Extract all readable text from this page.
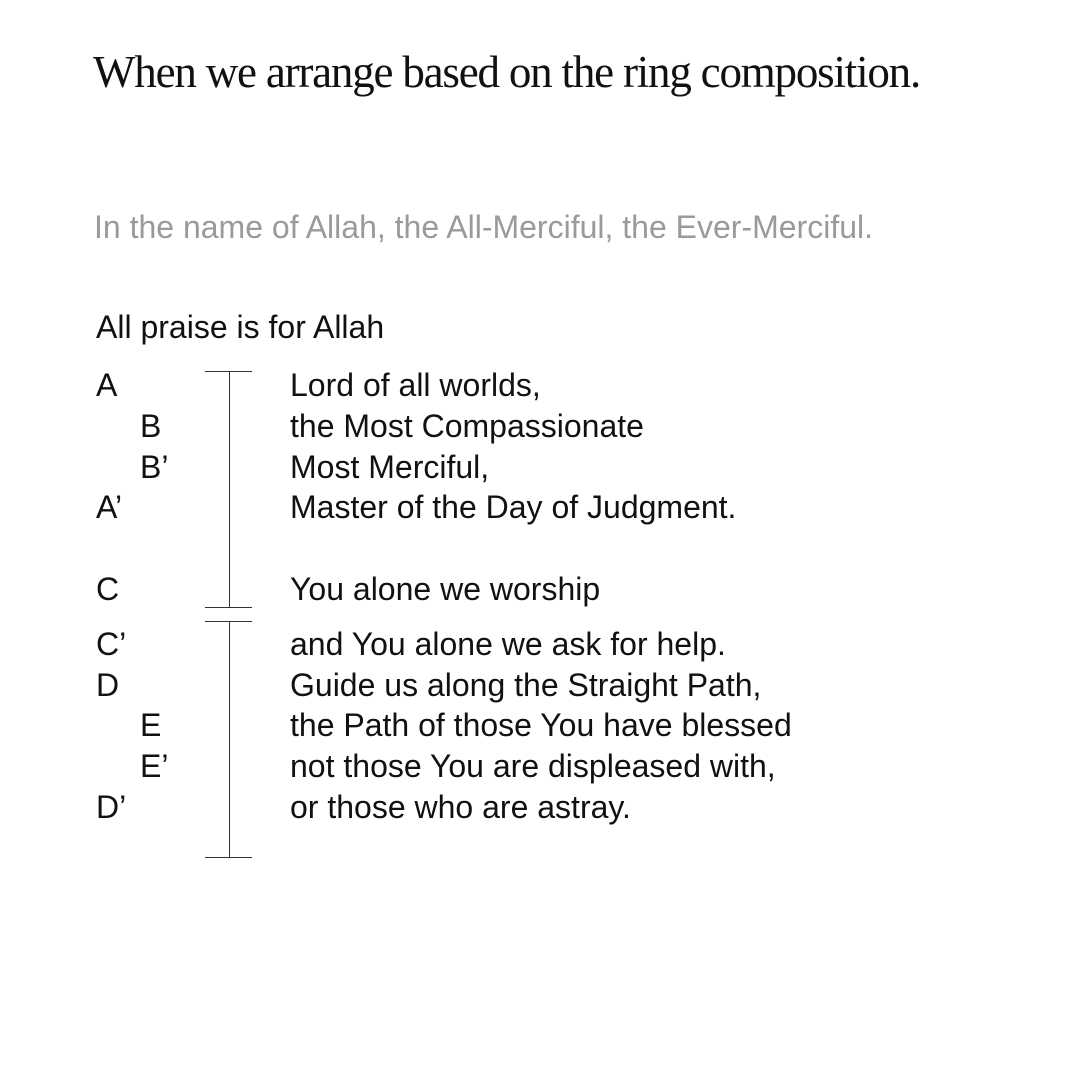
When we arrange based on the ring composition.
In the name of Allah, the All-Merciful, the Ever-Merciful.
All praise is for Allah
A
B
B’
A’
C
C’
D
E
E’
D’
Lord of all worlds,
the Most Compassionate
Most Merciful,
Master of the Day of Judgment.
You alone we worship
and You alone we ask for help.
Guide us along the Straight Path,
the Path of those You have blessed
not those You are displeased with,
or those who are astray.
